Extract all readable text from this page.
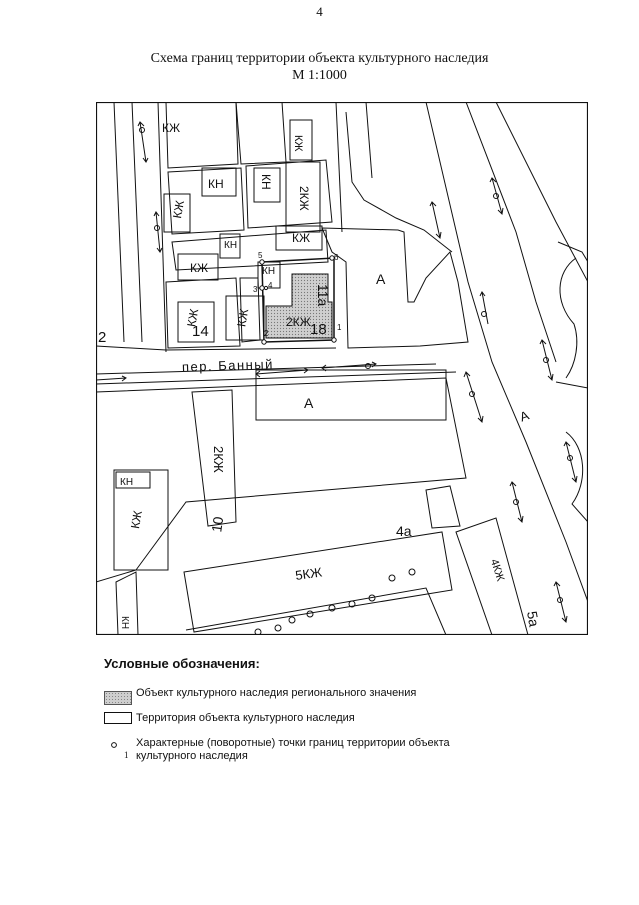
4
Схема границ территории объекта культурного наследия
М 1:1000
КЖ
КЖ
КН	КН
2КЖ
КЖ
КН
КЖ
КЖ
КН
КЖ	КЖ	2КЖ
А
А
2КЖ
КН
КЖ
5КЖ	4КЖ
КН
А
14	18
11а
10	4а
5а
2
пер. Банный
1
2
3 4
5	6
Условные обозначения:
Объект культурного наследия регионального значения
Территория объекта культурного наследия
1
Характерные (поворотные) точки границ территории объекта культурного наследия
